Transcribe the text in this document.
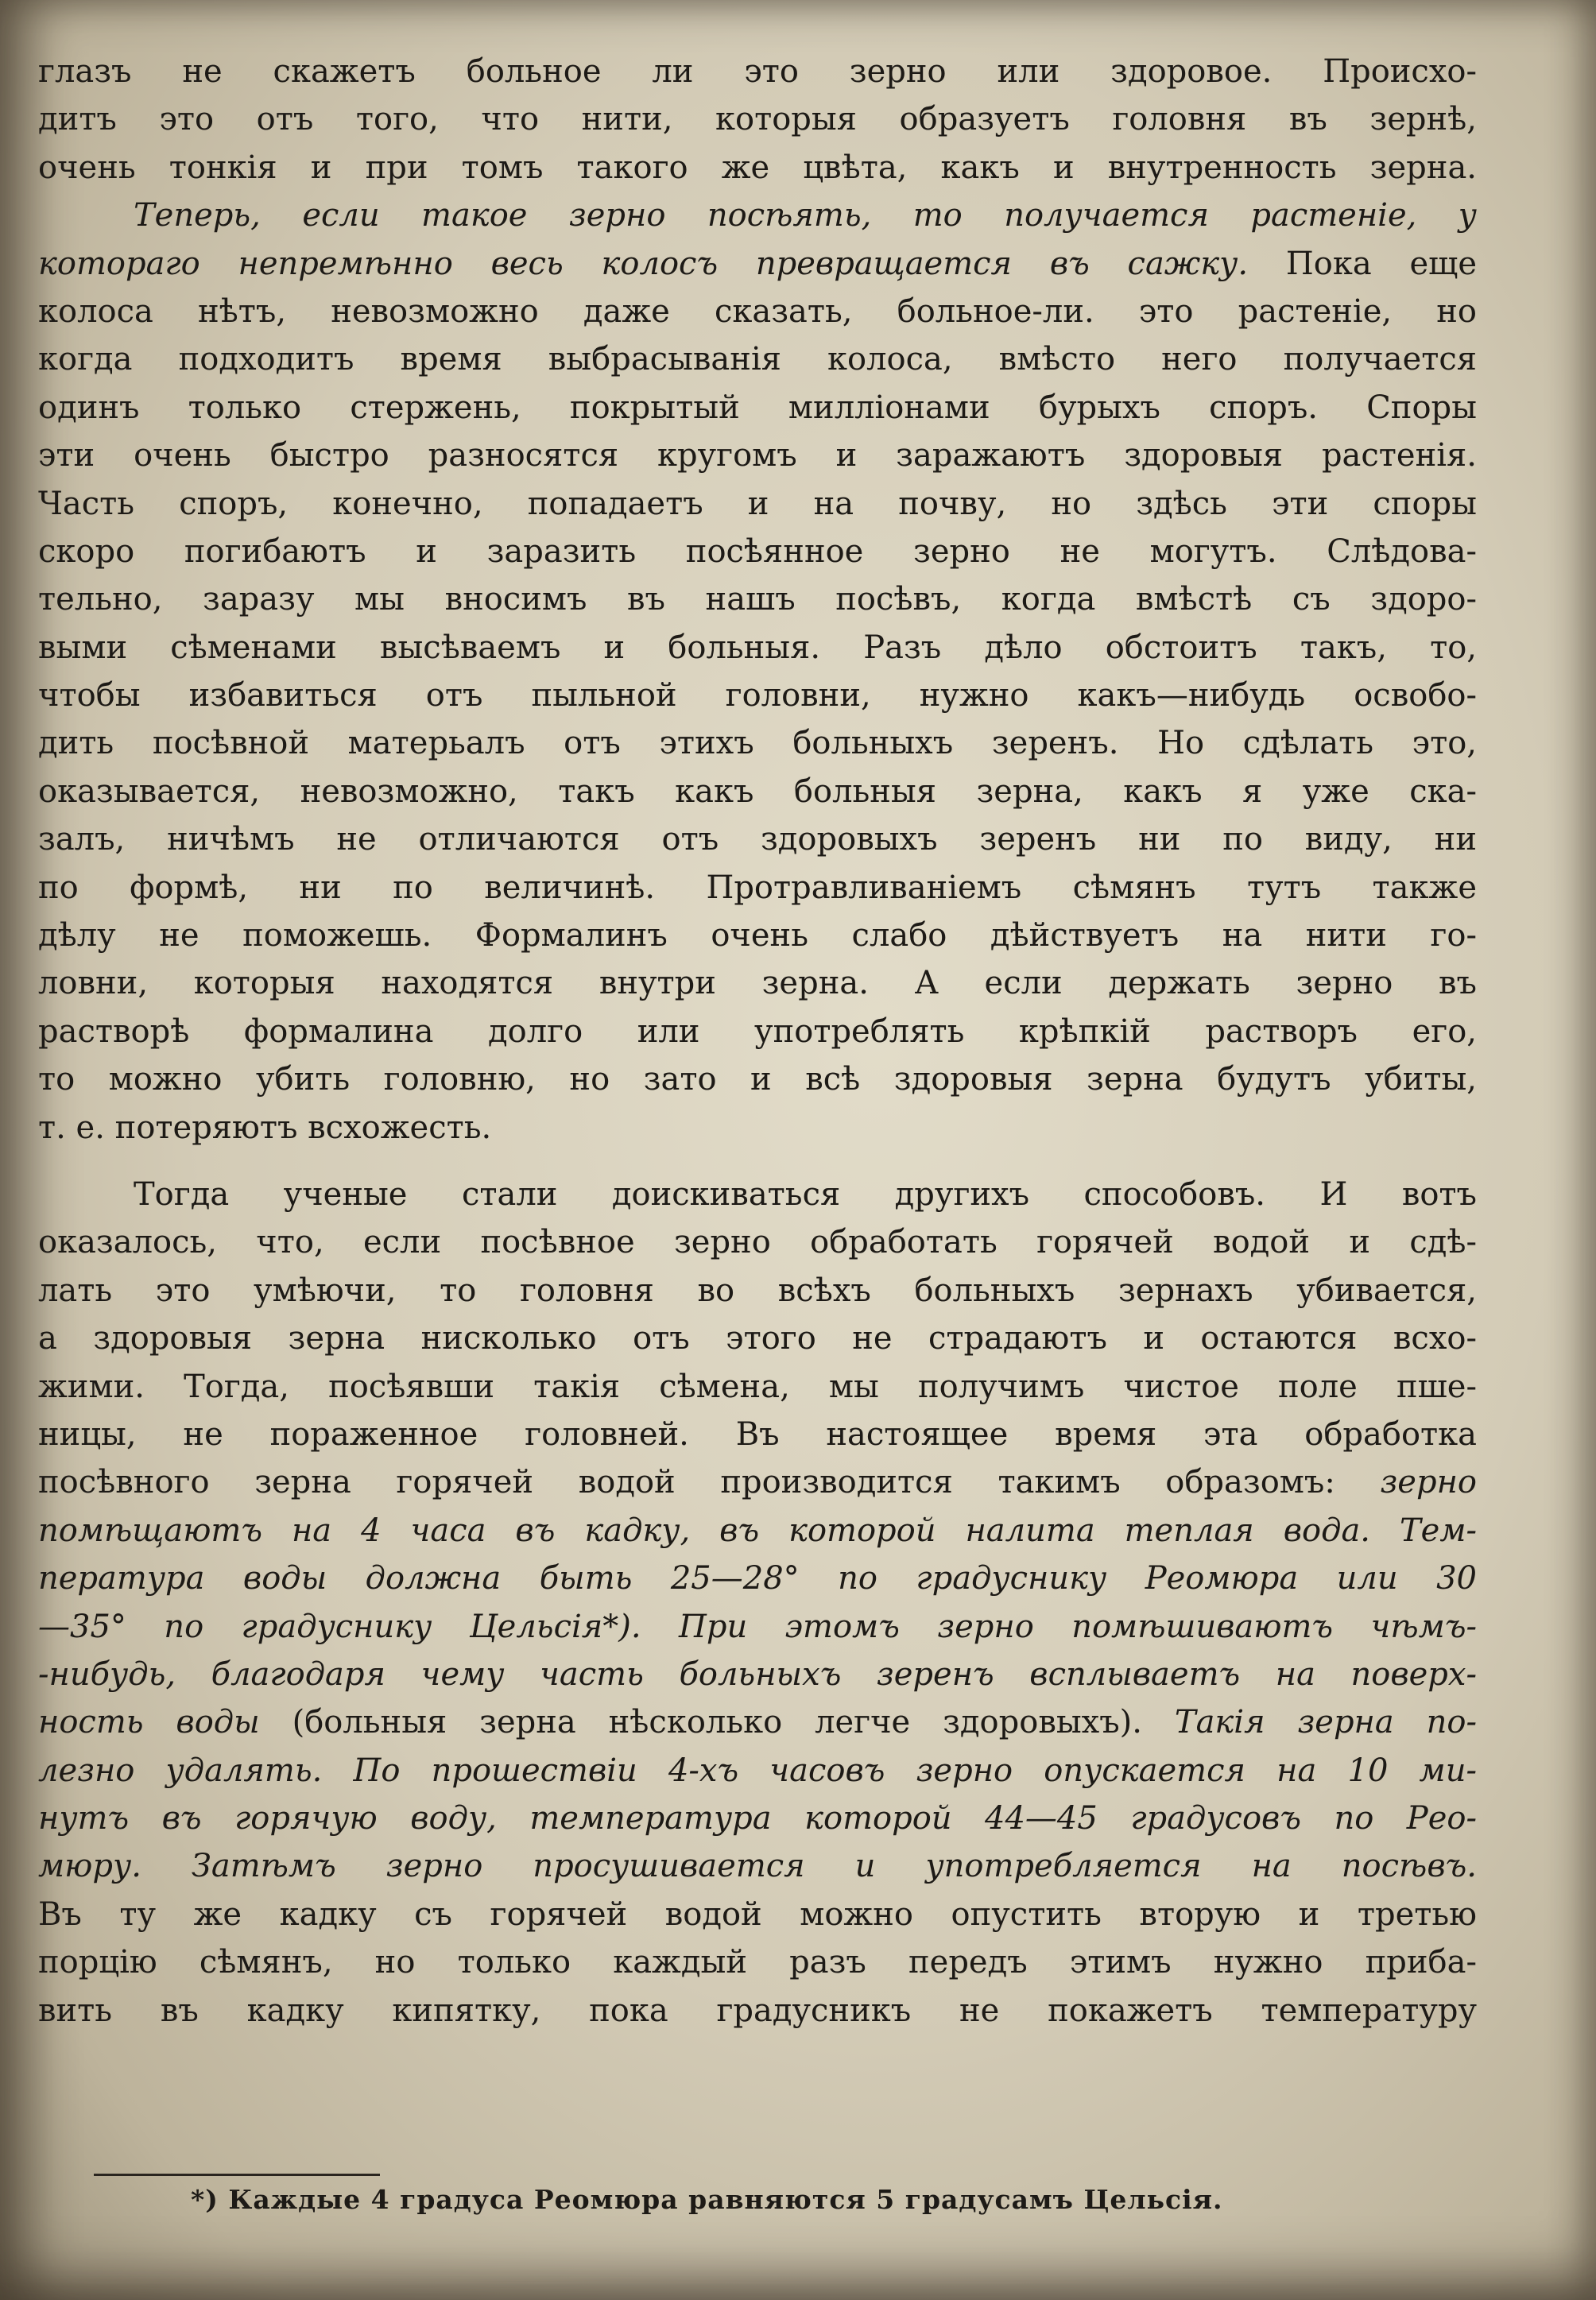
глазъ не скажетъ больное ли это зерно или здоровое. Происхо-
дитъ это отъ того, что нити, которыя образуетъ головня въ зернѣ,
очень тонкія и при томъ такого же цвѣта, какъ и внутренность зерна.
Теперь, если такое зерно посѣять, то получается растеніе, у
котораго непремѣнно весь колосъ превращается въ сажку. Пока еще
колоса нѣтъ, невозможно даже сказать, больное-ли. это растеніе, но
когда подходитъ время выбрасыванія колоса, вмѣсто него получается
одинъ только стержень, покрытый милліонами бурыхъ споръ. Споры
эти очень быстро разносятся кругомъ и заражаютъ здоровыя растенія.
Часть споръ, конечно, попадаетъ и на почву, но здѣсь эти споры
скоро погибаютъ и заразить посѣянное зерно не могутъ. Слѣдова-
тельно, заразу мы вносимъ въ нашъ посѣвъ, когда вмѣстѣ съ здоро-
выми сѣменами высѣваемъ и больныя. Разъ дѣло обстоитъ такъ, то,
чтобы избавиться отъ пыльной головни, нужно какъ—нибудь освобо-
дить посѣвной матерьалъ отъ этихъ больныхъ зеренъ. Но сдѣлать это,
оказывается, невозможно, такъ какъ больныя зерна, какъ я уже ска-
залъ, ничѣмъ не отличаются отъ здоровыхъ зеренъ ни по виду, ни
по формѣ, ни по величинѣ. Протравливаніемъ сѣмянъ тутъ также
дѣлу не поможешь. Формалинъ очень слабо дѣйствуетъ на нити го-
ловни, которыя находятся внутри зерна. А если держать зерно въ
растворѣ формалина долго или употреблять крѣпкій растворъ его,
то можно убить головню, но зато и всѣ здоровыя зерна будутъ убиты,
т. е. потеряютъ всхожесть.
Тогда ученые стали доискиваться другихъ способовъ. И вотъ
оказалось, что, если посѣвное зерно обработать горячей водой и сдѣ-
лать это умѣючи, то головня во всѣхъ больныхъ зернахъ убивается,
а здоровыя зерна нисколько отъ этого не страдаютъ и остаются всхо-
жими. Тогда, посѣявши такія сѣмена, мы получимъ чистое поле пше-
ницы, не пораженное головней. Въ настоящее время эта обработка
посѣвного зерна горячей водой производится такимъ образомъ: зерно
помѣщаютъ на 4 часа въ кадку, въ которой налита теплая вода. Тем-
пература воды должна быть 25—28° по градуснику Реомюра или 30
—35° по градуснику Цельсія*). При этомъ зерно помѣшиваютъ чѣмъ-
-нибудь, благодаря чему часть больныхъ зеренъ всплываетъ на поверх-
ность воды (больныя зерна нѣсколько легче здоровыхъ). Такія зерна по-
лезно удалять. По прошествіи 4-хъ часовъ зерно опускается на 10 ми-
нутъ въ горячую воду, температура которой 44—45 градусовъ по Рео-
мюру. Затѣмъ зерно просушивается и употребляется на посѣвъ.
Въ ту же кадку съ горячей водой можно опустить вторую и третью
порцію сѣмянъ, но только каждый разъ передъ этимъ нужно приба-
вить въ кадку кипятку, пока градусникъ не покажетъ температуру
*) Каждые 4 градуса Реомюра равняются 5 градусамъ Цельсія.
